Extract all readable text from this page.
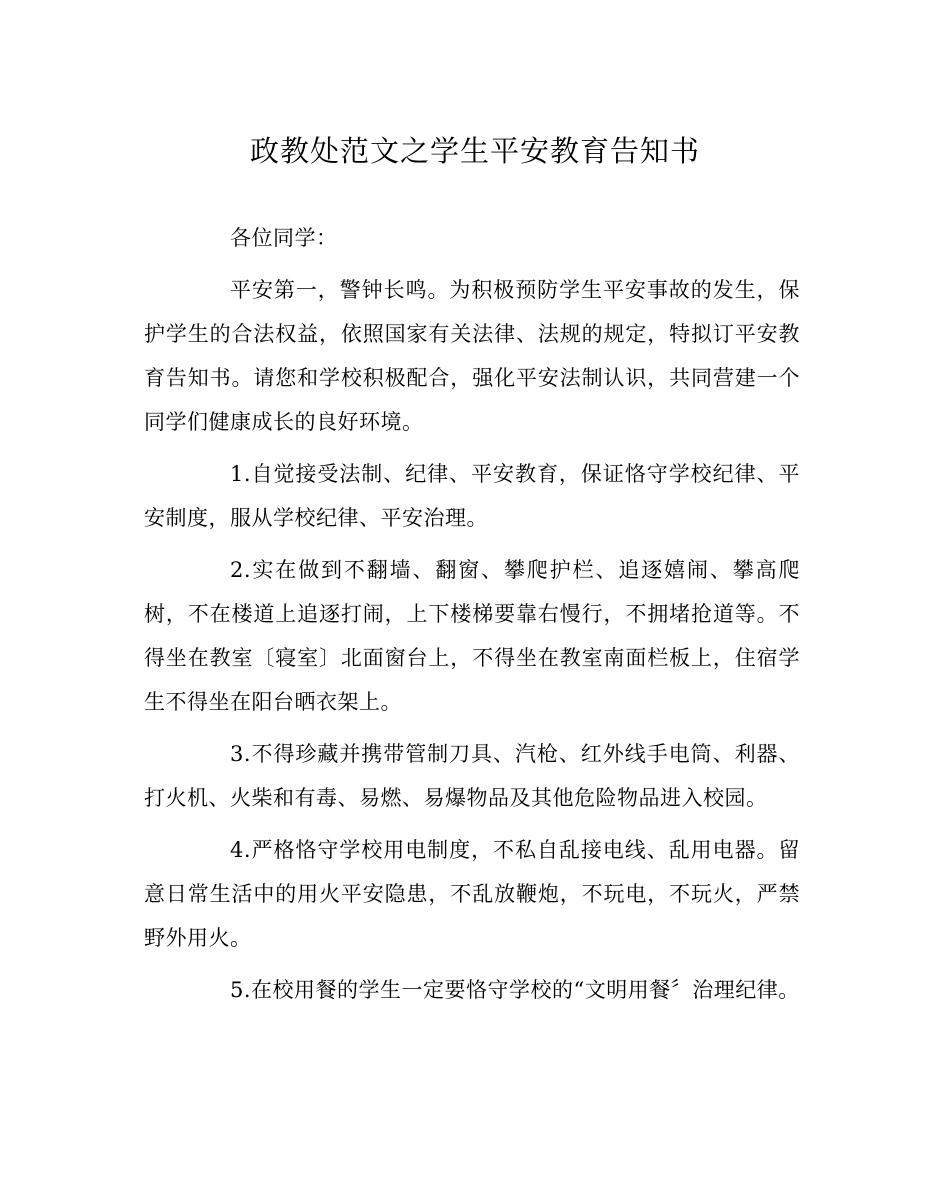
政教处范文之学生平安教育告知书

各位同学：

平安第一，警钟长鸣。为积极预防学生平安事故的发生，保护学生的合法权益，依照国家有关法律、法规的规定，特拟订平安教育告知书。请您和学校积极配合，强化平安法制认识，共同营建一个同学们健康成长的良好环境。

1.自觉接受法制、纪律、平安教育，保证恪守学校纪律、平安制度，服从学校纪律、平安治理。

2.实在做到不翻墙、翻窗、攀爬护栏、追逐嬉闹、攀高爬树，不在楼道上追逐打闹，上下楼梯要靠右慢行，不拥堵抢道等。不得坐在教室〔寝室〕北面窗台上，不得坐在教室南面栏板上，住宿学生不得坐在阳台晒衣架上。

3.不得珍藏并携带管制刀具、汽枪、红外线手电筒、利器、打火机、火柴和有毒、易燃、易爆物品及其他危险物品进入校园。

4.严格恪守学校用电制度，不私自乱接电线、乱用电器。留意日常生活中的用火平安隐患，不乱放鞭炮，不玩电，不玩火，严禁野外用火。

5.在校用餐的学生一定要恪守学校的“文明用餐〞治理纪律。
